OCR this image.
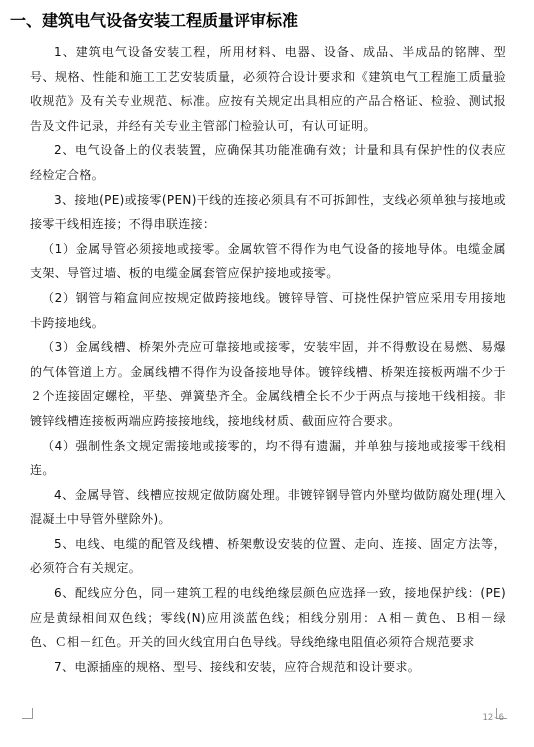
一、建筑电气设备安装工程质量评审标准

1、建筑电气设备安装工程，所用材料、电器、设备、成品、半成品的铭牌、型号、规格、性能和施工工艺安装质量，必须符合设计要求和《建筑电气工程施工质量验收规范》及有关专业规范、标准。应按有关规定出具相应的产品合格证、检验、测试报告及文件记录，并经有关专业主管部门检验认可，有认可证明。

2、电气设备上的仪表装置，应确保其功能准确有效；计量和具有保护性的仪表应经检定合格。

3、接地(PE)或接零(PEN)干线的连接必须具有不可拆卸性，支线必须单独与接地或接零干线相连接；不得串联连接：

（1）金属导管必须接地或接零。金属软管不得作为电气设备的接地导体。电缆金属支架、导管过墙、板的电缆金属套管应保护接地或接零。

（2）钢管与箱盒间应按规定做跨接地线。镀锌导管、可挠性保护管应采用专用接地卡跨接地线。

（3）金属线槽、桥架外壳应可靠接地或接零，安装牢固，并不得敷设在易燃、易爆的气体管道上方。金属线槽不得作为设备接地导体。镀锌线槽、桥架连接板两端不少于２个连接固定螺栓，平垫、弹簧垫齐全。金属线槽全长不少于两点与接地干线相接。非镀锌线槽连接板两端应跨接接地线，接地线材质、截面应符合要求。

（4）强制性条文规定需接地或接零的，均不得有遗漏，并单独与接地或接零干线相连。

4、金属导管、线槽应按规定做防腐处理。非镀锌钢导管内外壁均做防腐处理(埋入混凝土中导管外壁除外)。

5、电线、电缆的配管及线槽、桥架敷设安装的位置、走向、连接、固定方法等，必须符合有关规定。

6、配线应分色，同一建筑工程的电线绝缘层颜色应选择一致，接地保护线：(PE)应是黄绿相间双色线；零线(N)应用淡蓝色线；相线分别用：Ａ相－黄色、Ｂ相－绿色、Ｃ相－红色。开关的回火线宜用白色导线。导线绝缘电阻值必须符合规范要求

7、电源插座的规格、型号、接线和安装，应符合规范和设计要求。

12-6
